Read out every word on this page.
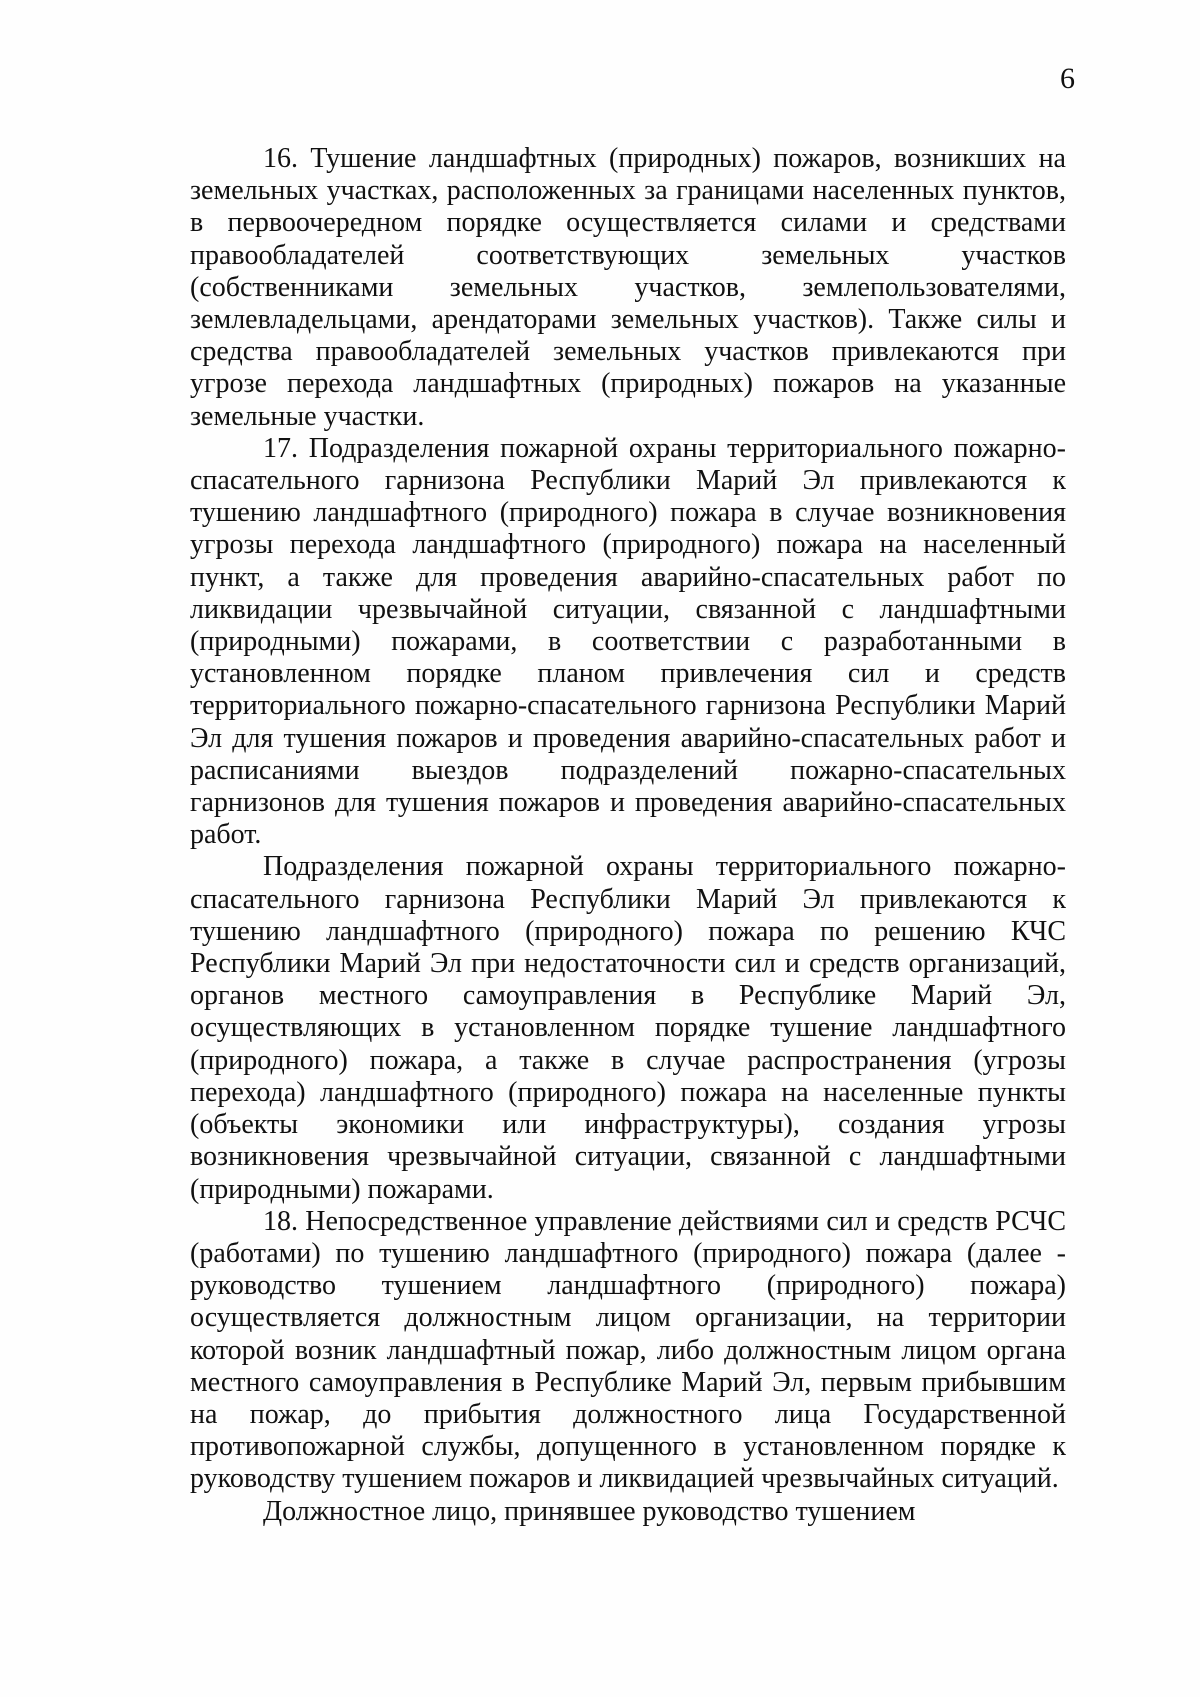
6

16. Тушение ландшафтных (природных) пожаров, возникших на земельных участках, расположенных за границами населенных пунктов, в первоочередном порядке осуществляется силами и средствами правообладателей соответствующих земельных участков (собственниками земельных участков, землепользователями, землевладельцами, арендаторами земельных участков). Также силы и средства правообладателей земельных участков привлекаются при угрозе перехода ландшафтных (природных) пожаров на указанные земельные участки.

17. Подразделения пожарной охраны территориального пожарно-спасательного гарнизона Республики Марий Эл привлекаются к тушению ландшафтного (природного) пожара в случае возникновения угрозы перехода ландшафтного (природного) пожара на населенный пункт, а также для проведения аварийно-спасательных работ по ликвидации чрезвычайной ситуации, связанной с ландшафтными (природными) пожарами, в соответствии с разработанными в установленном порядке планом привлечения сил и средств территориального пожарно-спасательного гарнизона Республики Марий Эл для тушения пожаров и проведения аварийно-спасательных работ и расписаниями выездов подразделений пожарно-спасательных гарнизонов для тушения пожаров и проведения аварийно-спасательных работ.

Подразделения пожарной охраны территориального пожарно-спасательного гарнизона Республики Марий Эл привлекаются к тушению ландшафтного (природного) пожара по решению КЧС Республики Марий Эл при недостаточности сил и средств организаций, органов местного самоуправления в Республике Марий Эл, осуществляющих в установленном порядке тушение ландшафтного (природного) пожара, а также в случае распространения (угрозы перехода) ландшафтного (природного) пожара на населенные пункты (объекты экономики или инфраструктуры), создания угрозы возникновения чрезвычайной ситуации, связанной с ландшафтными (природными) пожарами.

18. Непосредственное управление действиями сил и средств РСЧС (работами) по тушению ландшафтного (природного) пожара (далее - руководство тушением ландшафтного (природного) пожара) осуществляется должностным лицом организации, на территории которой возник ландшафтный пожар, либо должностным лицом органа местного самоуправления в Республике Марий Эл, первым прибывшим на пожар, до прибытия должностного лица Государственной противопожарной службы, допущенного в установленном порядке к руководству тушением пожаров и ликвидацией чрезвычайных ситуаций.

Должностное лицо, принявшее руководство тушением
